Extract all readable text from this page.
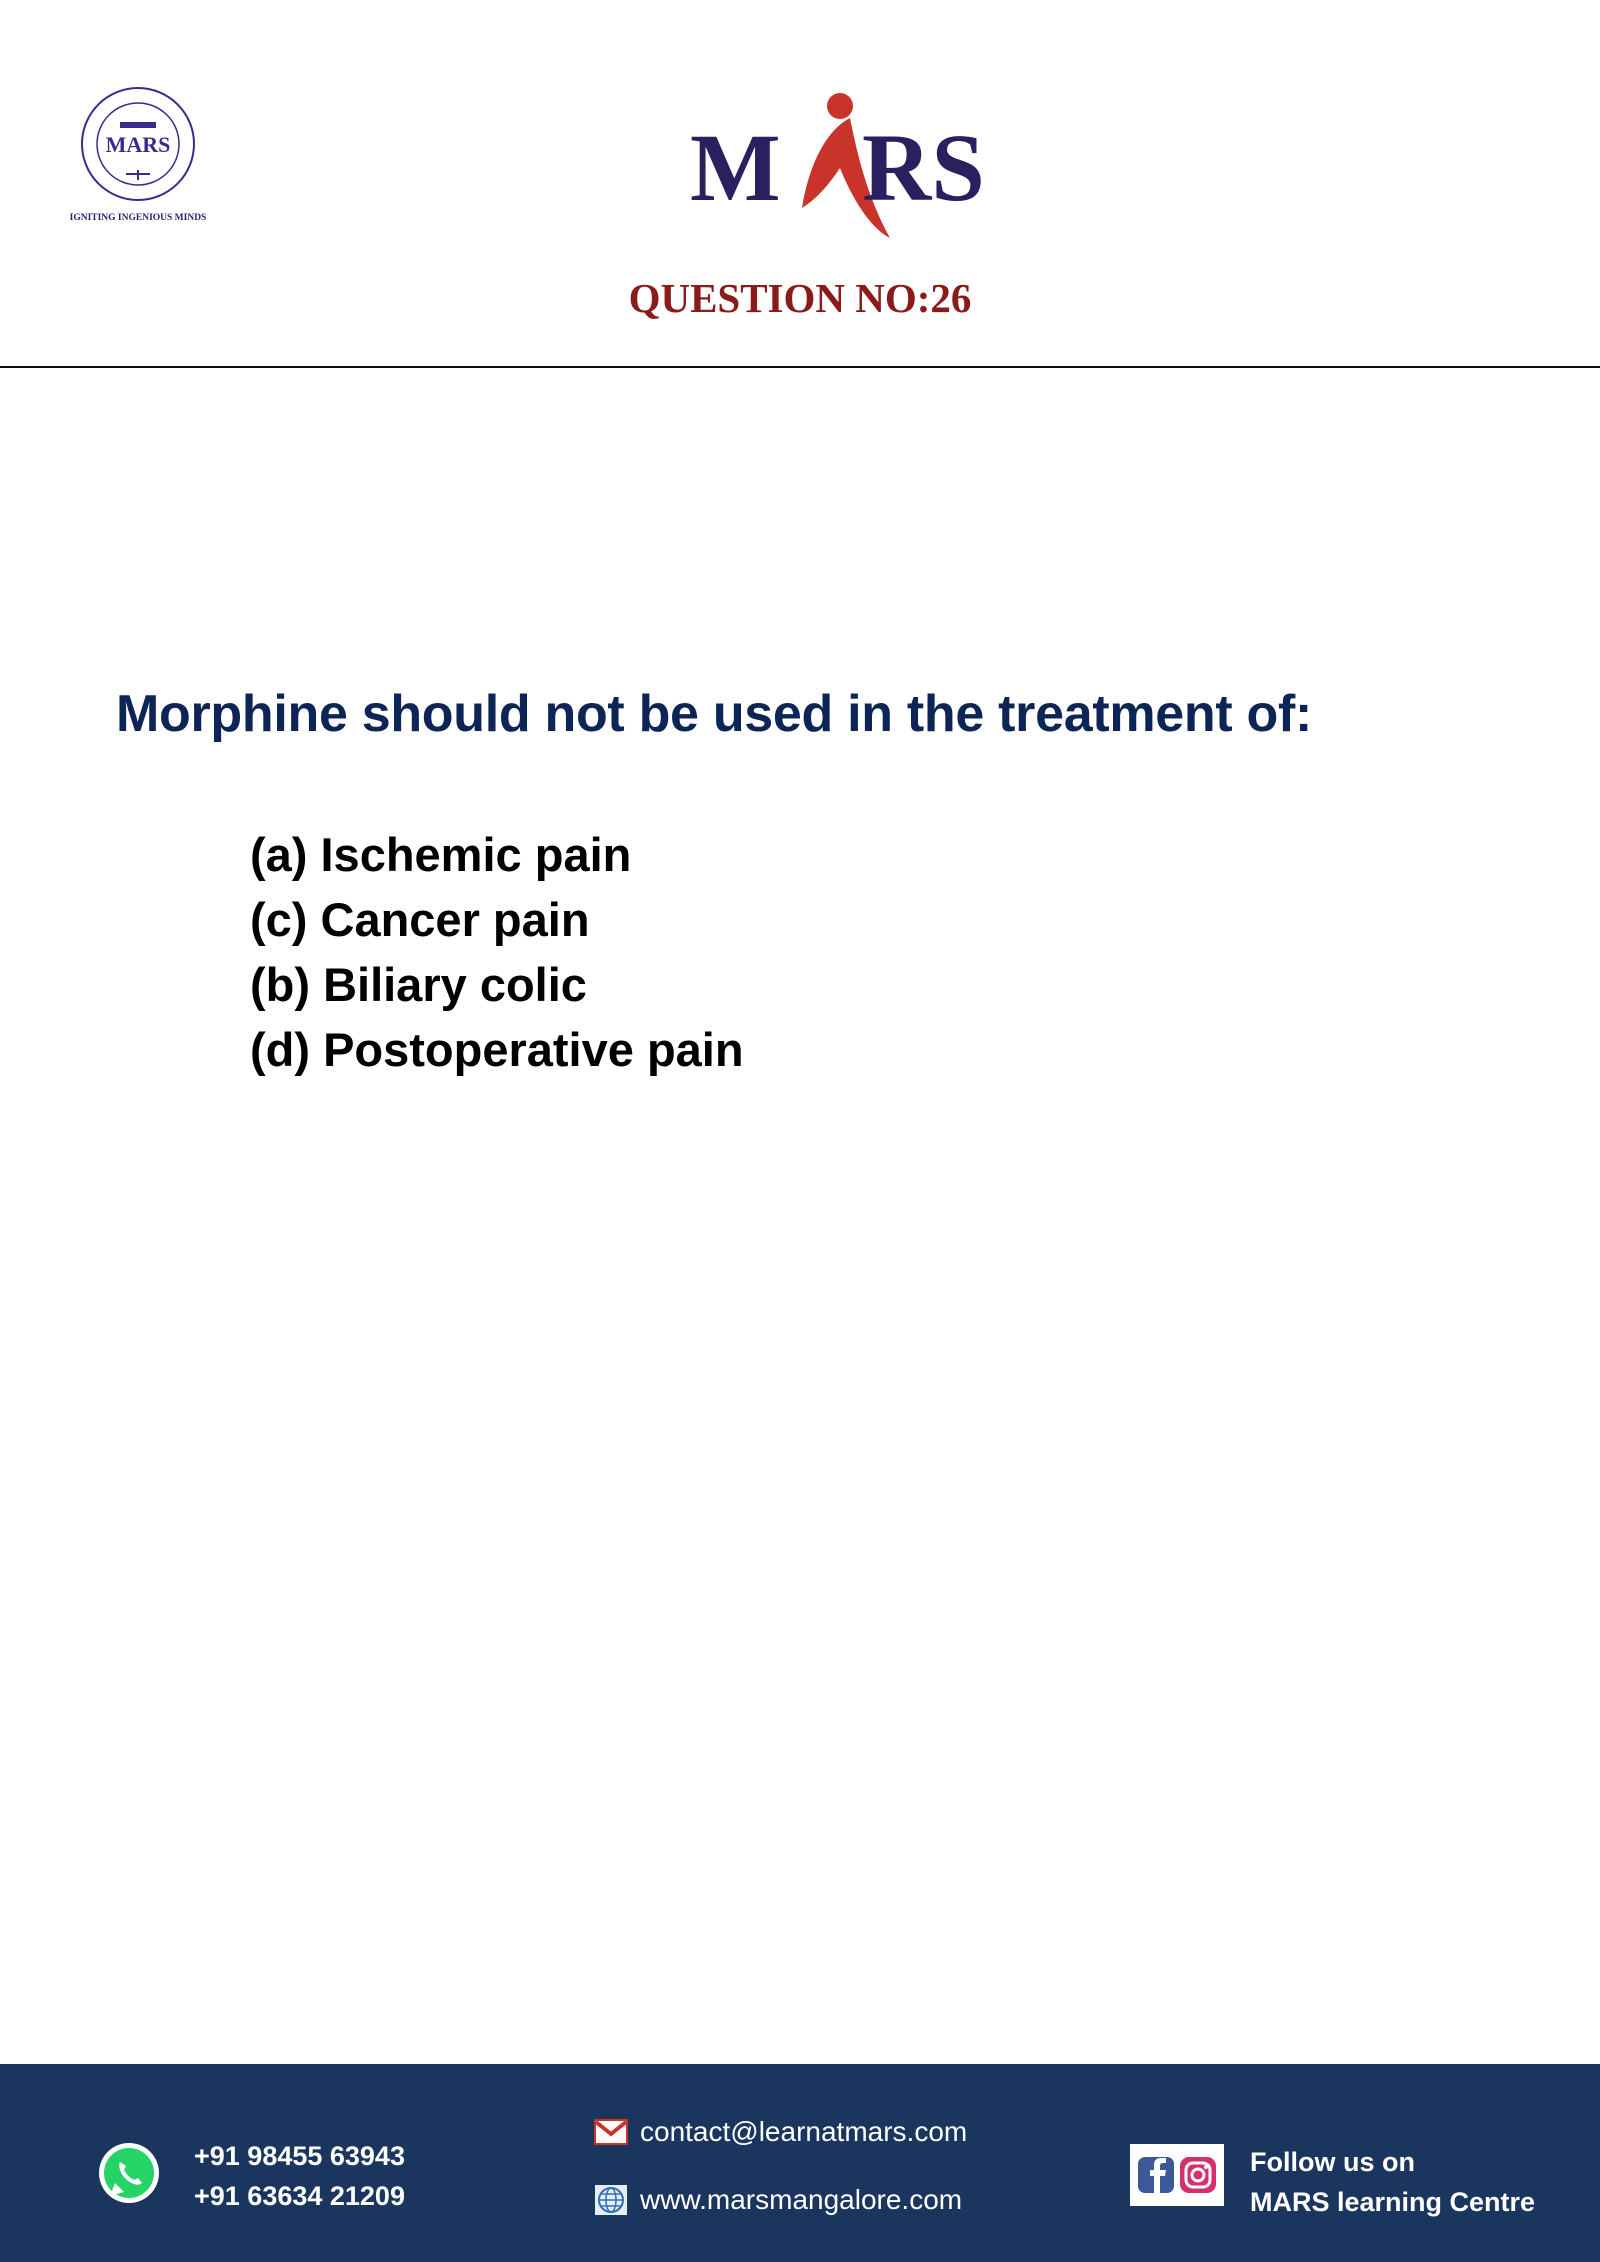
MARS
IGNITING INGENIOUS MINDS	M RS
QUESTION NO:26
Morphine should not be used in the treatment of:
(a) Ischemic pain
(c) Cancer pain
(b) Biliary colic
(d) Postoperative pain
+91 98455 63943
+91 63634 21209
contact@learnatmars.com
www.marsmangalore.com
Follow us on
MARS learning Centre
